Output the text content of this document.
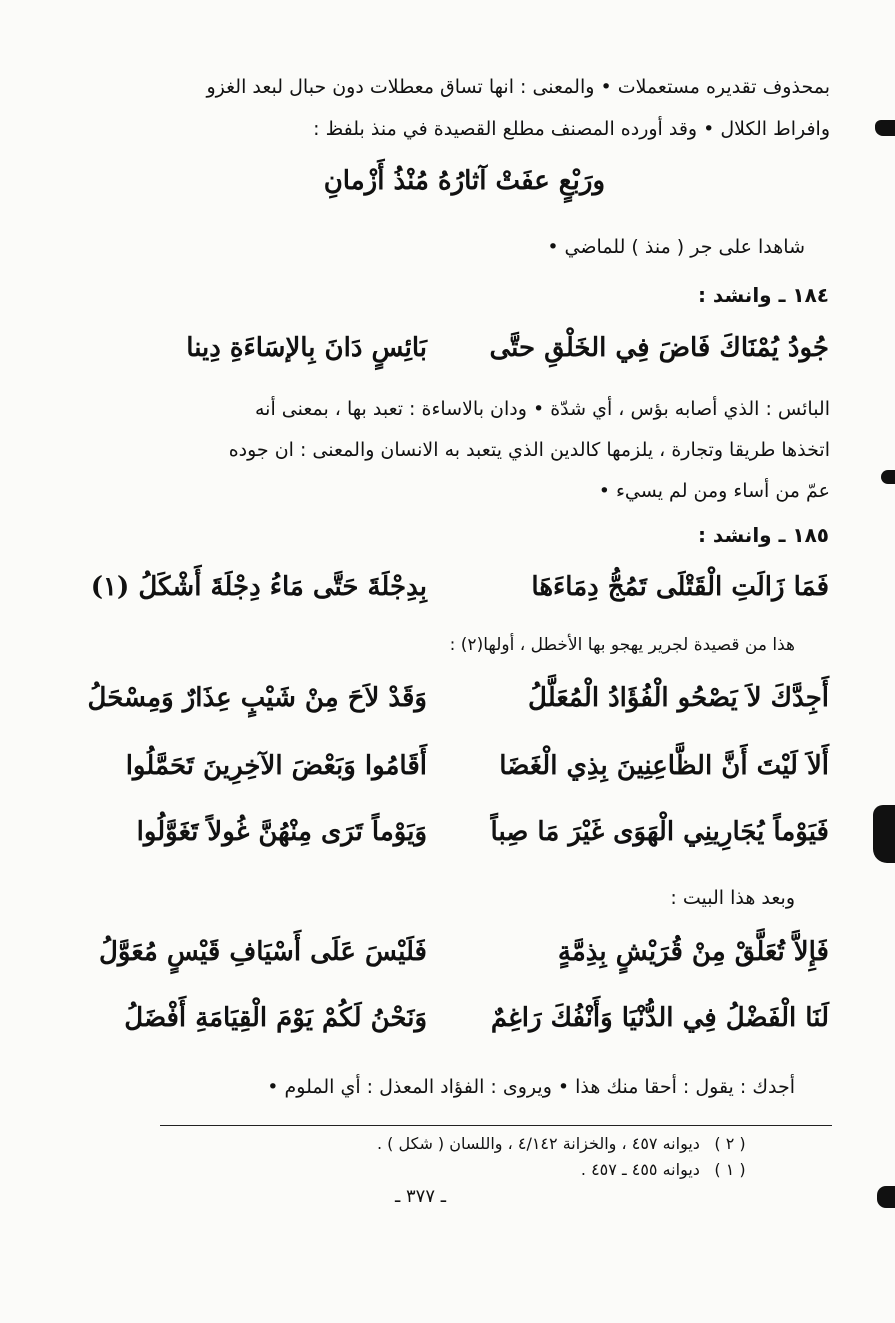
بمحذوف تقديره مستعملات • والمعنى : انها تساق معطلات دون حبال لبعد الغزو
وافراط الكلال • وقد أورده المصنف مطلع القصيدة في منذ بلفظ :
ورَبْعٍ عفَتْ آثارُهُ مُنْذُ أَزْمانِ
شاهدا على جر ( منذ ) للماضي •
١٨٤ ـ وانشد :
جُودُ يُمْنَاكَ فَاضَ فِي الخَلْقِ حتَّى
بَائِسٍ دَانَ بِالإسَاءَةِ دِينا
البائس : الذي أصابه بؤس ، أي شدّة • ودان بالاساءة : تعبد بها ، بمعنى أنه
اتخذها طريقا وتجارة ، يلزمها كالدين الذي يتعبد به الانسان والمعنى : ان جوده
عمّ من أساء ومن لم يسيء •
١٨٥ ـ وانشد :
فَمَا زَالَتِ الْقَتْلَى تَمُجُّ دِمَاءَهَا
بِدِجْلَةَ حَتَّى مَاءُ دِجْلَةَ أَشْكَلُ (١)
هذا من قصيدة لجرير يهجو بها الأخطل ، أولها(٢) :
أَجِدَّكَ لاَ يَصْحُو الْفُؤَادُ الْمُعَلَّلُ
وَقَدْ لاَحَ مِنْ شَيْبٍ عِذَارٌ وَمِسْحَلُ
أَلاَ لَيْتَ أَنَّ الظَّاعِنِينَ بِذِي الْغَضَا
أَقَامُوا وَبَعْضَ الآخِرِينَ تَحَمَّلُوا
فَيَوْماً يُجَارِينِي الْهَوَى غَيْرَ مَا صِباً
وَيَوْماً تَرَى مِنْهُنَّ غُولاً تَغَوَّلُوا
وبعد هذا البيت :
فَإِلاَّ تُعَلَّقْ مِنْ قُرَيْشٍ بِذِمَّةٍ
فَلَيْسَ عَلَى أَسْيَافِ قَيْسٍ مُعَوَّلُ
لَنَا الْفَضْلُ فِي الدُّنْيَا وَأَنْفُكَ رَاغِمٌ
وَنَحْنُ لَكُمْ يَوْمَ الْقِيَامَةِ أَفْضَلُ
أجدك : يقول : أحقا منك هذا • ويروى : الفؤاد المعذل : أي الملوم •
( ٢ ) ديوانه ٤٥٧ ، والخزانة ٤/١٤٢ ، واللسان ( شكل ) .
( ١ ) ديوانه ٤٥٥ ـ ٤٥٧ .
ـ ٣٧٧ ـ
